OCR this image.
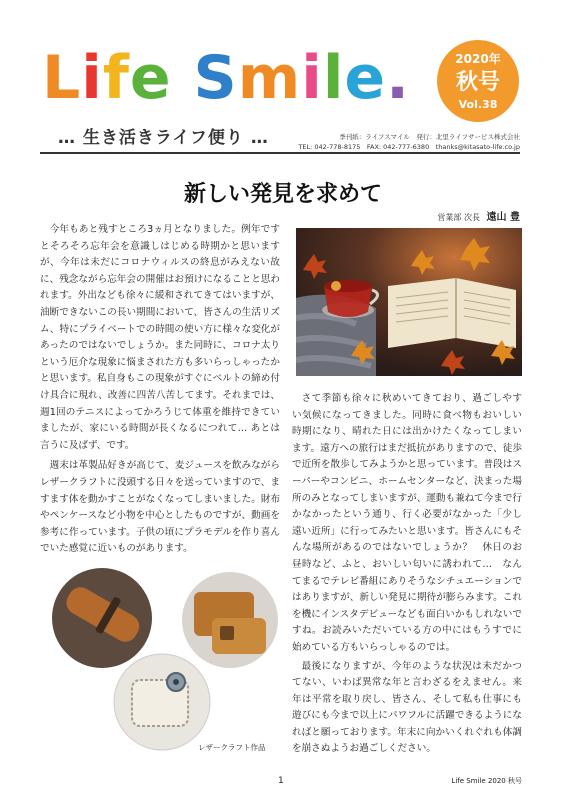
Life Smile.
… 生き活きライフ便り …
2020年
秋号
Vol.38
季刊紙：ライフスマイル　発行：北里ライフサービス株式会社
TEL: 042-778-8175　FAX: 042-777-6380　thanks@kitasato-life.co.jp
新しい発見を求めて
営業部 次長 遠山 豊

今年もあと残すところ3ヵ月となりました。例年ですとそろそろ忘年会を意識しはじめる時期かと思いますが、今年は未だにコロナウィルスの終息がみえない故に、残念ながら忘年会の開催はお預けになることと思われます。外出なども徐々に緩和されてきてはいますが、油断できないこの長い期間において、皆さんの生活リズム、特にプライベートでの時間の使い方に様々な変化があったのではないでしょうか。また同時に、コロナ太りという厄介な現象に悩まされた方も多いらっしゃったかと思います。私自身もこの現象がすぐにベルトの締め付け具合に現れ、改善に四苦八苦してます。それまでは、週1回のテニスによってかろうじて体重を維持できていましたが、家にいる時間が長くなるにつれて… あとは言うに及ばず、です。

週末は革製品好きが高じて、麦ジュースを飲みながらレザークラフトに没頭する日々を送っていますので、ますます体を動かすことがなくなってしまいました。財布やペンケースなど小物を中心としたものですが、動画を参考に作っています。子供の頃にプラモデルを作り喜んでいた感覚に近いものがあります。

さて季節も徐々に秋めいてきており、過ごしやすい気候になってきました。同時に食べ物もおいしい時期になり、晴れた日には出かけたくなってしまいます。遠方への旅行はまだ抵抗がありますので、徒歩で近所を散歩してみようかと思っています。普段はスーパーやコンビニ、ホームセンターなど、決まった場所のみとなってしまいますが、運動も兼ねて今まで行かなかったという通り、行く必要がなかった「少し遠い近所」に行ってみたいと思います。皆さんにもそんな場所があるのではないでしょうか？　休日のお昼時など、ふと、おいしい匂いに誘われて…　なんてまるでテレビ番組にありそうなシチュエーションではありますが、新しい発見に期待が膨らみます。これを機にインスタデビューなども面白いかもしれないですね。お読みいただいている方の中にはもうすでに始めている方もいらっしゃるのでは。

最後になりますが、今年のような状況は未だかつてない、いわば異常な年と言わざるをえません。来年は平常を取り戻し、皆さん、そして私も仕事にも遊びにも今まで以上にパワフルに活躍できるようになればと願っております。年末に向かいくれぐれも体調を崩さぬようお過ごしください。

レザークラフト作品
1	Life Smile 2020 秋号
